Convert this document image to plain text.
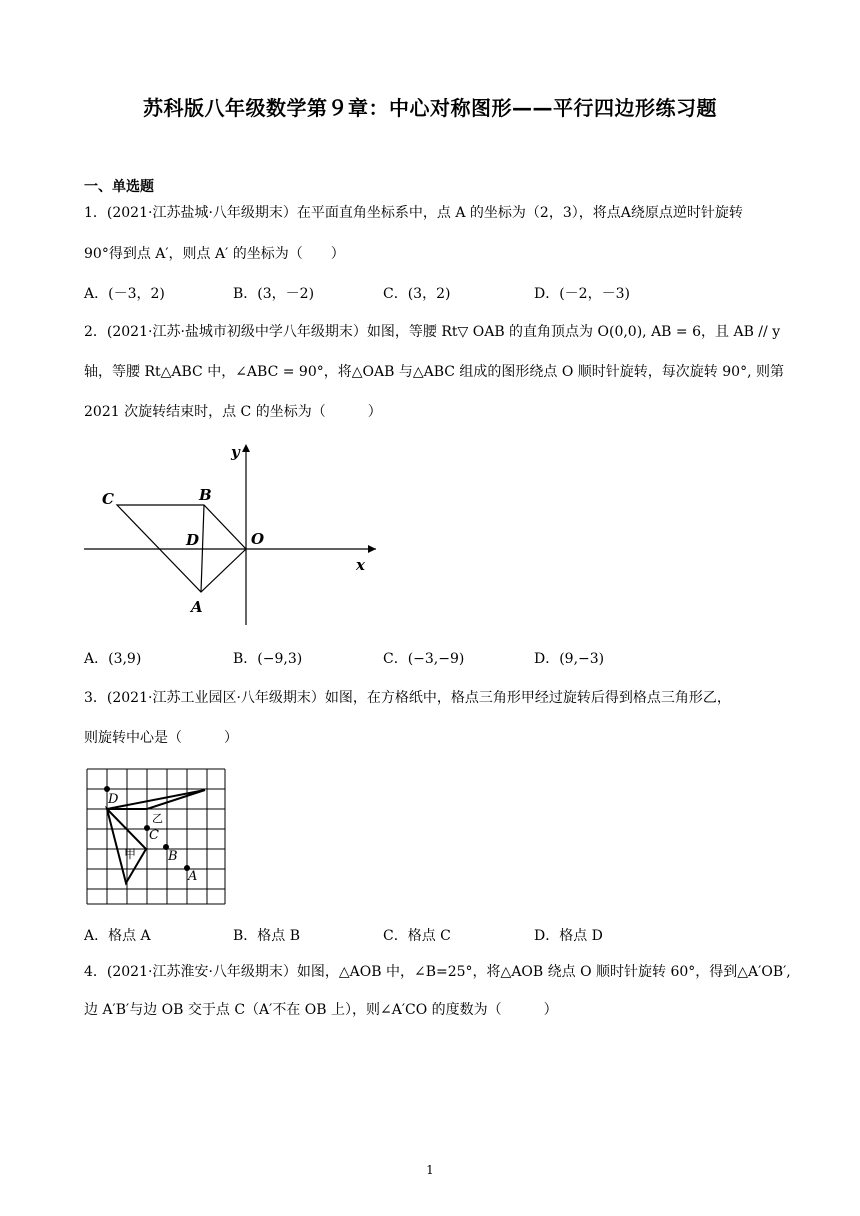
苏科版八年级数学第９章：中心对称图形——平行四边形练习题
一、单选题
1．(2021·江苏盐城·八年级期末）在平面直角坐标系中，点 A 的坐标为（2，3），将点A绕原点逆时针旋转
90°得到点 A′，则点 A′ 的坐标为（　　）
A．(－3，2)	B．(3，－2)	C．(3，2)	D．(－2，－3)
2．(2021·江苏·盐城市初级中学八年级期末）如图，等腰 Rt▽ OAB 的直角顶点为 O(0,0), AB = 6，且 AB // y
轴，等腰 Rt△ABC 中，∠ABC = 90°，将△OAB 与△ABC 组成的图形绕点 O 顺时针旋转，每次旋转 90°, 则第
2021 次旋转结束时，点 C 的坐标为（　　　）
y
x
C	B
D	O
A
A．(3,9)	B．(−9,3)	C．(−3,−9)	D．(9,−3)
3．(2021·江苏工业园区·八年级期末）如图，在方格纸中，格点三角形甲经过旋转后得到格点三角形乙，
则旋转中心是（　　　）
D
C
B
A
甲
乙
A．格点 A	B．格点 B	C．格点 C	D．格点 D
4．(2021·江苏淮安·八年级期末）如图，△AOB 中，∠B=25°，将△AOB 绕点 O 顺时针旋转 60°，得到△A′OB′,
边 A′B′与边 OB 交于点 C（A′不在 OB 上），则∠A′CO 的度数为（　　　）
1
